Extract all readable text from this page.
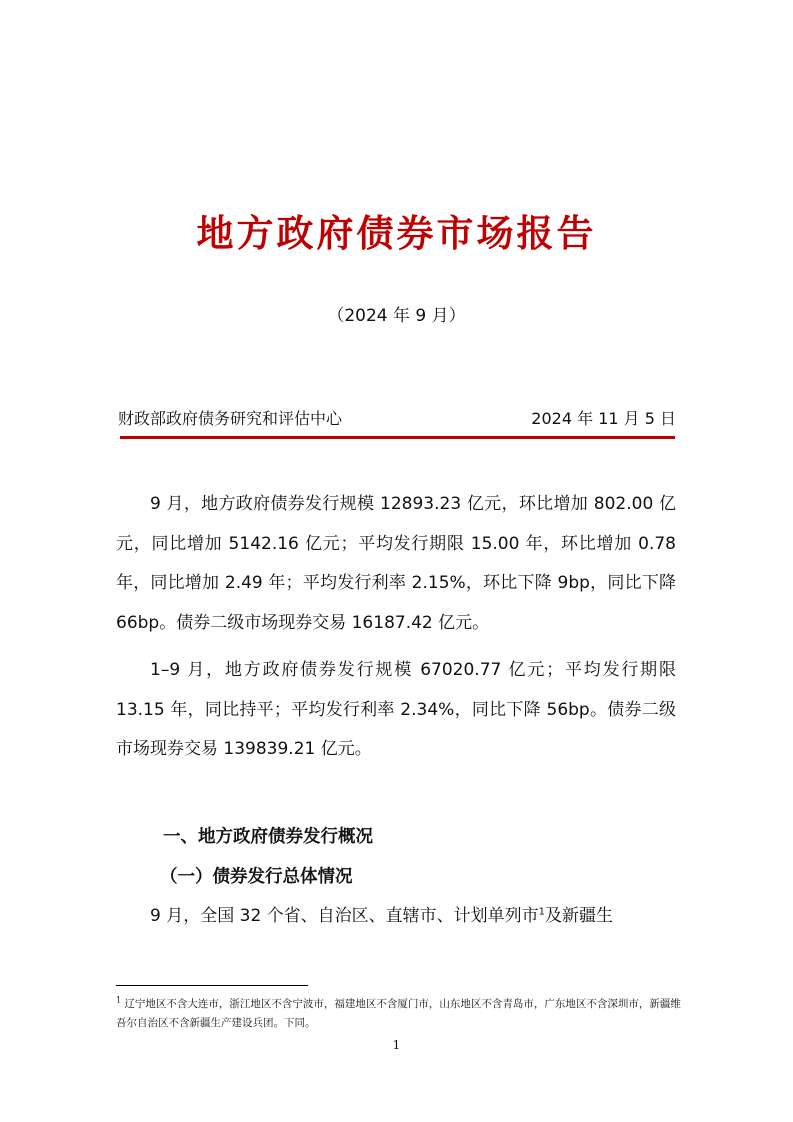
地方政府债券市场报告
（2024 年 9 月）
财政部政府债务研究和评估中心	2024 年 11 月 5 日

9 月，地方政府债券发行规模 12893.23 亿元，环比增加 802.00 亿元，同比增加 5142.16 亿元；平均发行期限 15.00 年，环比增加 0.78 年，同比增加 2.49 年；平均发行利率 2.15%，环比下降 9bp，同比下降 66bp。债券二级市场现券交易 16187.42 亿元。

1–9 月，地方政府债券发行规模 67020.77 亿元；平均发行期限 13.15 年，同比持平；平均发行利率 2.34%，同比下降 56bp。债券二级市场现券交易 139839.21 亿元。

一、地方政府债券发行概况
（一）债券发行总体情况

9 月，全国 32 个省、自治区、直辖市、计划单列市$^1$及新疆生

$^1$ 辽宁地区不含大连市，浙江地区不含宁波市，福建地区不含厦门市，山东地区不含青岛市，广东地区不含深圳市，新疆维吾尔自治区不含新疆生产建设兵团。下同。
1
